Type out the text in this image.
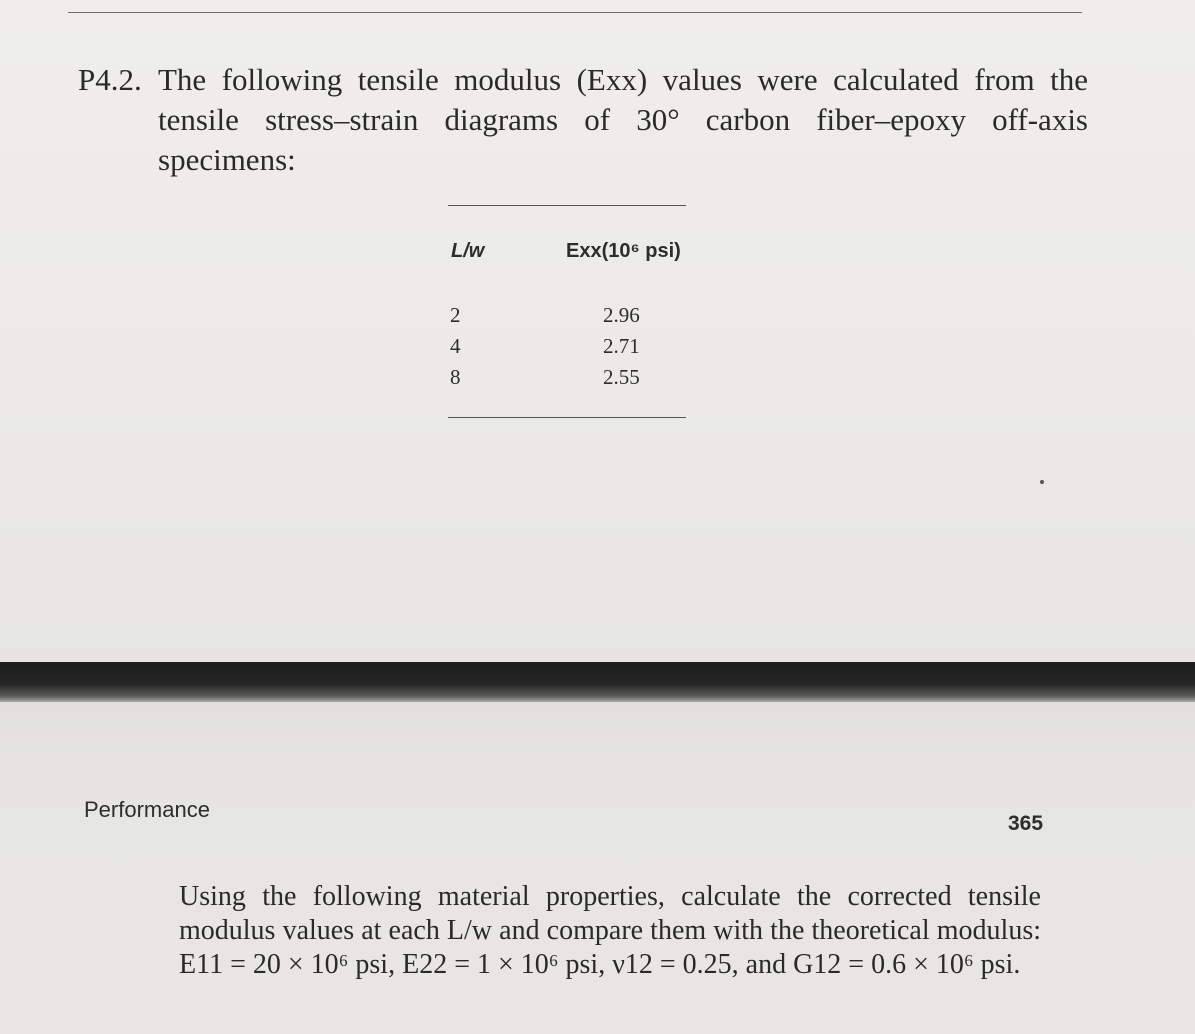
P4.2. The following tensile modulus (Exx) values were calculated from the tensile stress–strain diagrams of 30° carbon fiber–epoxy off-axis specimens:
L/w	Exx(10⁶ psi)
2	2.96
4	2.71
8	2.55
Performance
365
Using the following material properties, calculate the corrected tensile modulus values at each L/w and compare them with the theoretical modulus: E11 = 20 × 10⁶ psi, E22 = 1 × 10⁶ psi, ν12 = 0.25, and G12 = 0.6 × 10⁶ psi.
